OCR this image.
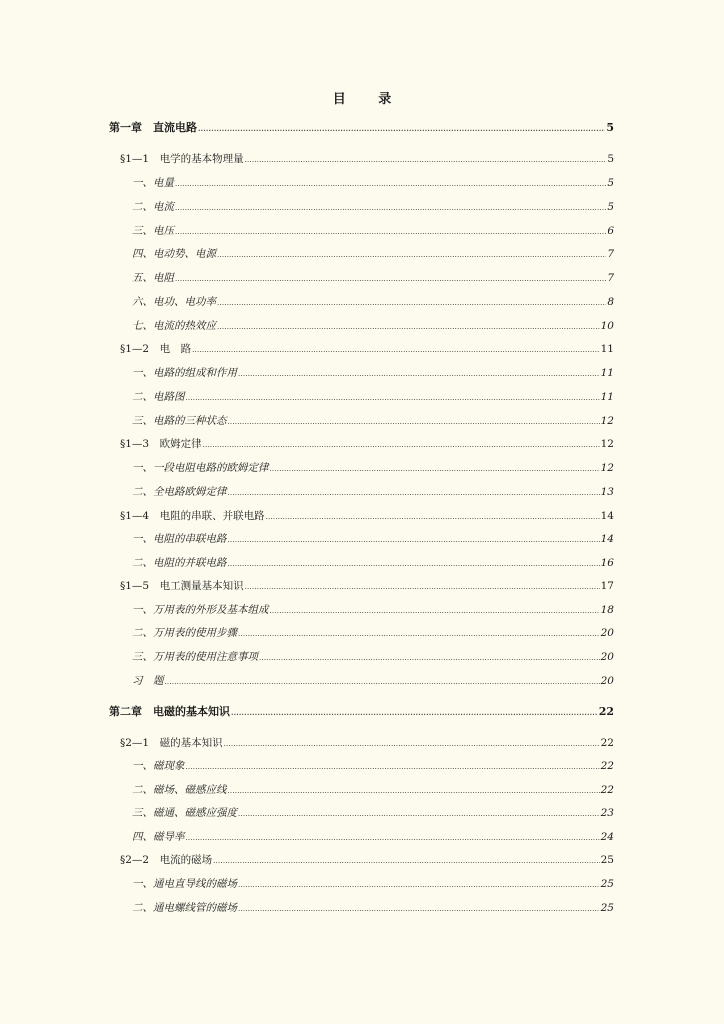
目 录
第一章　直流电路 .....	5
§1—1　电学的基本物理量 .....	5
一、电量 .....	5
二、电流 .....	5
三、电压 .....	6
四、电动势、电源 .....	7
五、电阻 .....	7
六、电功、电功率 .....	8
七、电流的热效应 .....	10
§1—2　电　路 .....	11
一、电路的组成和作用 .....	11
二、电路图 .....	11
三、电路的三种状态 .....	12
§1—3　欧姆定律 .....	12
一、一段电阻电路的欧姆定律 .....	12
二、全电路欧姆定律 .....	13
§1—4　电阻的串联、并联电路 .....	14
一、电阻的串联电路 .....	14
二、电阻的并联电路 .....	16
§1—5　电工测量基本知识 .....	17
一、万用表的外形及基本组成 .....	18
二、万用表的使用步骤 .....	20
三、万用表的使用注意事项 .....	20
习　题 .....	20
第二章　电磁的基本知识 .....	22
§2—1　磁的基本知识 .....	22
一、磁现象 .....	22
二、磁场、磁感应线 .....	22
三、磁通、磁感应强度 .....	23
四、磁导率 .....	24
§2—2　电流的磁场 .....	25
一、通电直导线的磁场 .....	25
二、通电螺线管的磁场 .....	25
